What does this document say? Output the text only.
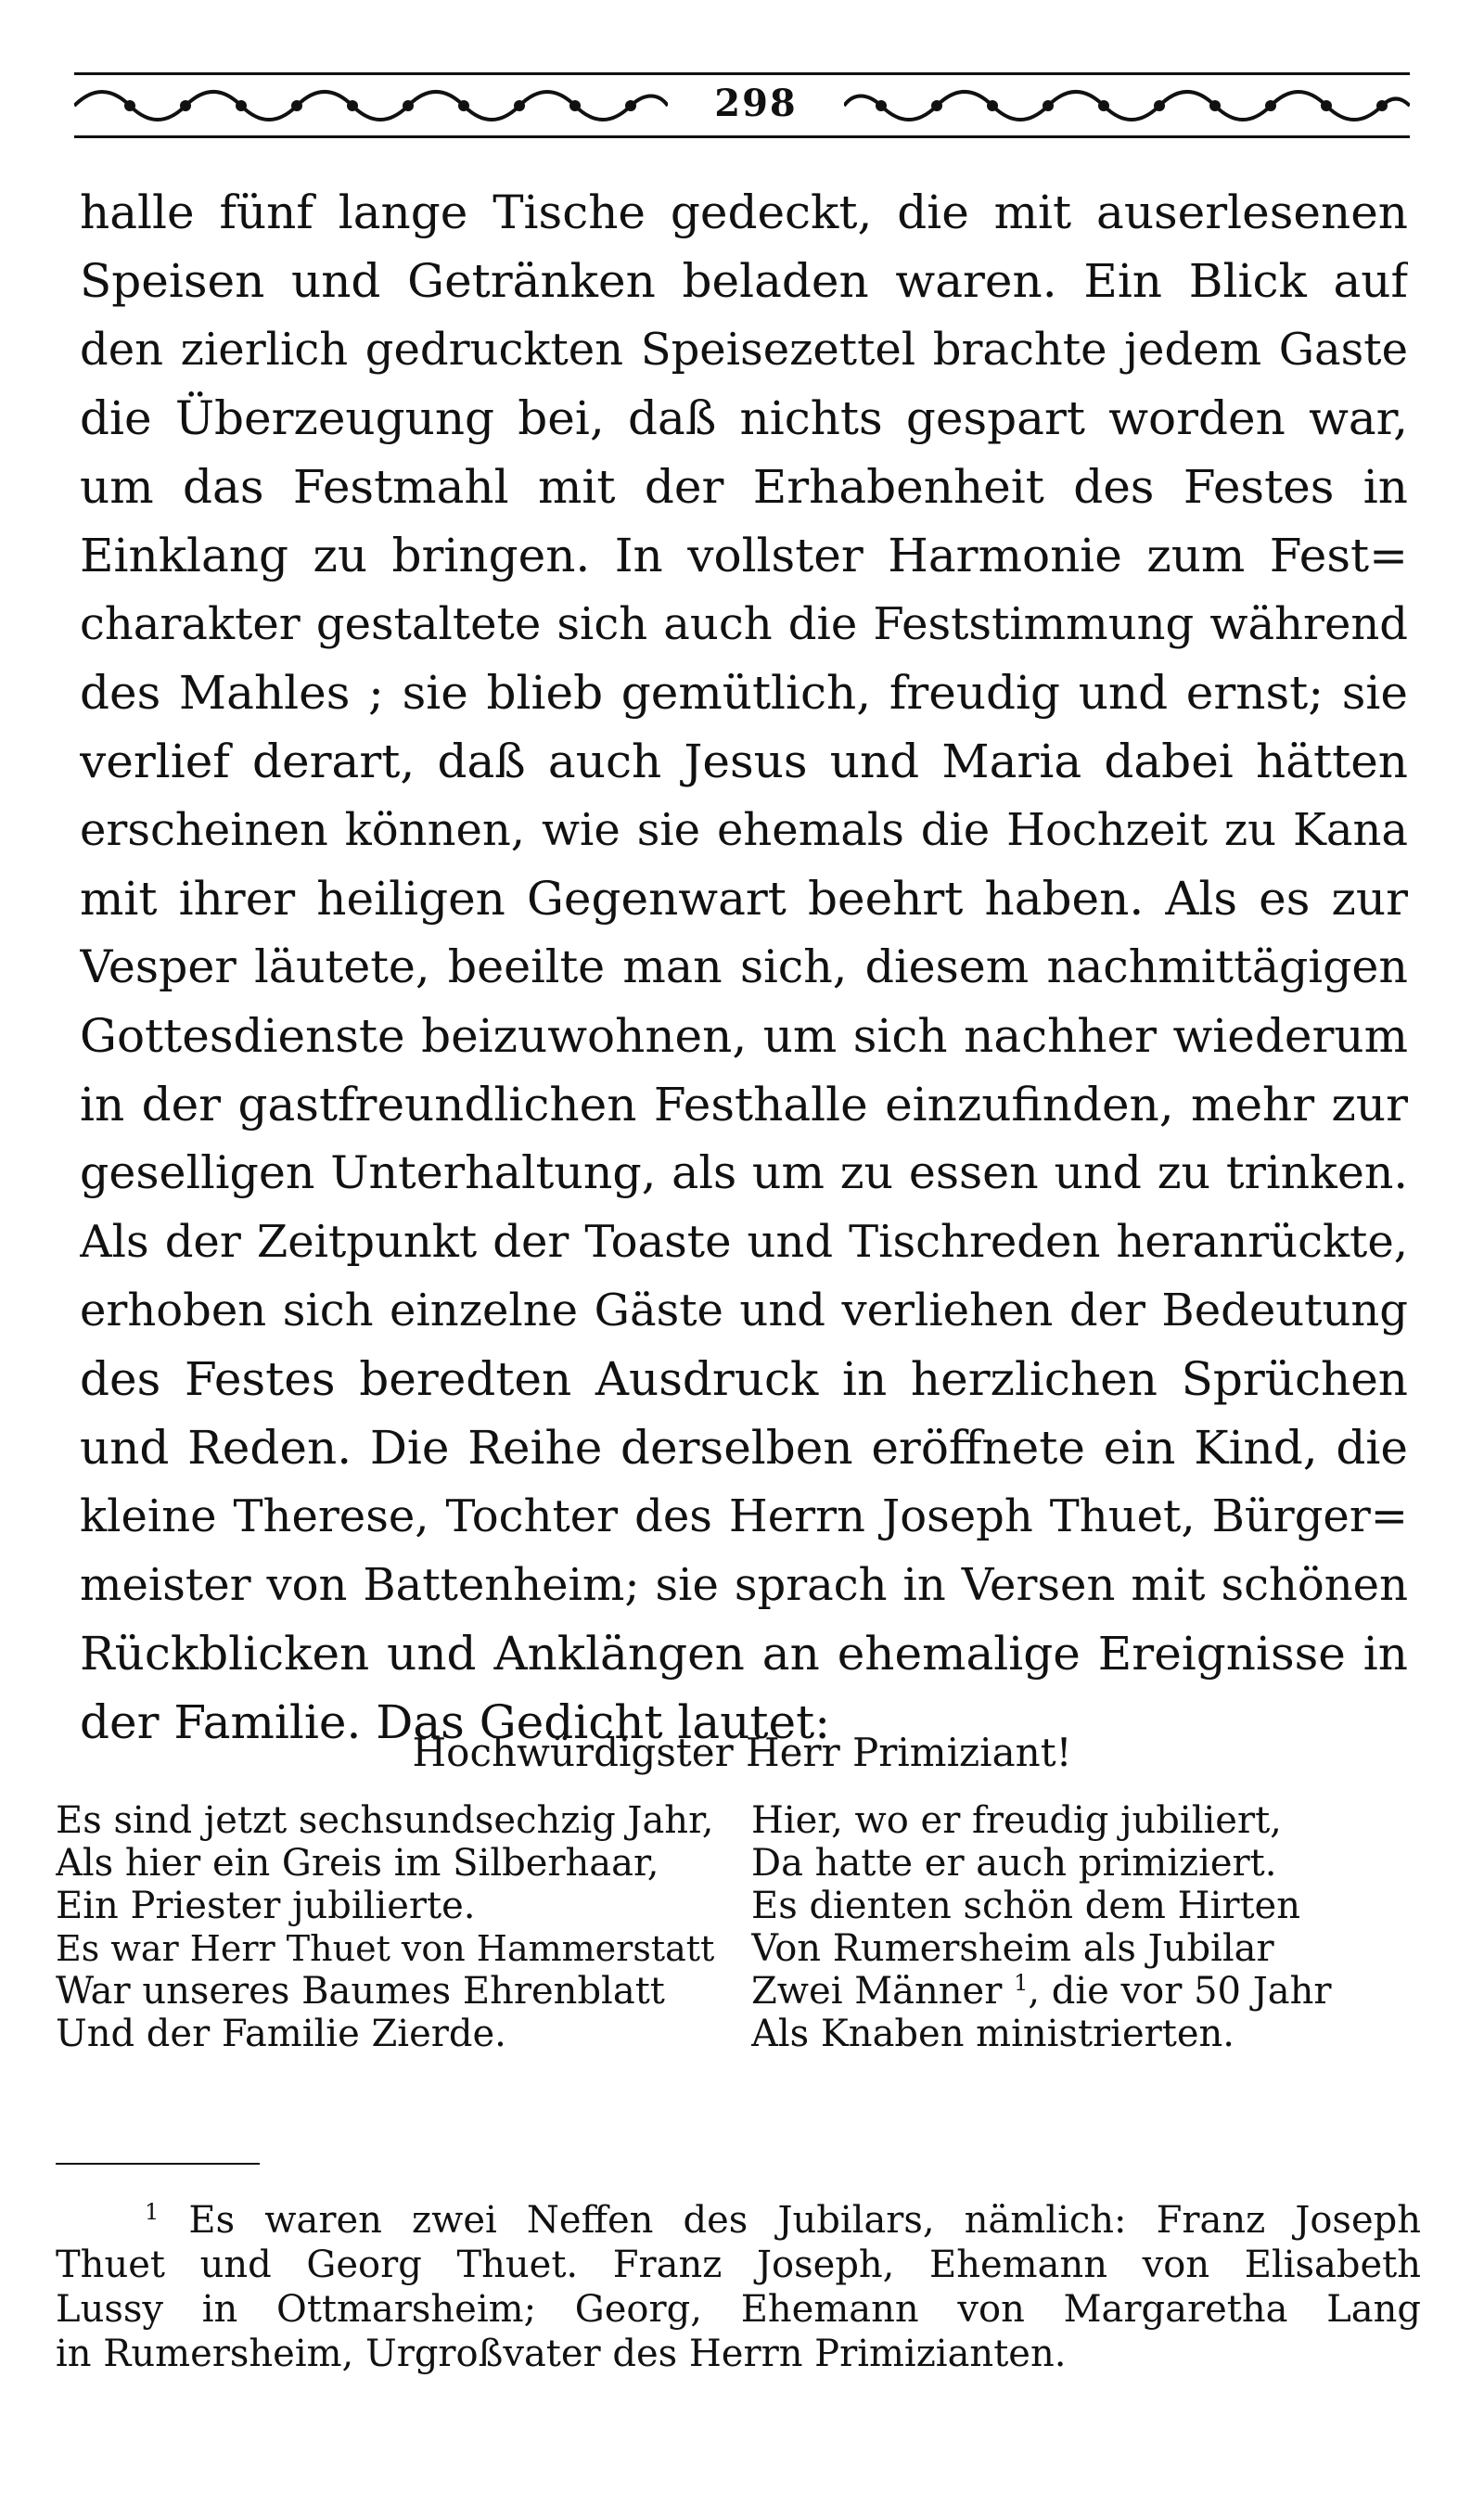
298
halle fünf lange Tische gedeckt, die mit auserlesenen
Speisen und Getränken beladen waren. Ein Blick auf
den zierlich gedruckten Speisezettel brachte jedem Gaste
die Überzeugung bei, daß nichts gespart worden war,
um das Festmahl mit der Erhabenheit des Festes in
Einklang zu bringen. In vollster Harmonie zum Fest=
charakter gestaltete sich auch die Feststimmung während
des Mahles ; sie blieb gemütlich, freudig und ernst; sie
verlief derart, daß auch Jesus und Maria dabei hätten
erscheinen können, wie sie ehemals die Hochzeit zu Kana
mit ihrer heiligen Gegenwart beehrt haben. Als es zur
Vesper läutete, beeilte man sich, diesem nachmittägigen
Gottesdienste beizuwohnen, um sich nachher wiederum
in der gastfreundlichen Festhalle einzufinden, mehr zur
geselligen Unterhaltung, als um zu essen und zu trinken.
Als der Zeitpunkt der Toaste und Tischreden heranrückte,
erhoben sich einzelne Gäste und verliehen der Bedeutung
des Festes beredten Ausdruck in herzlichen Sprüchen
und Reden. Die Reihe derselben eröffnete ein Kind, die
kleine Therese, Tochter des Herrn Joseph Thuet, Bürger=
meister von Battenheim; sie sprach in Versen mit schönen
Rückblicken und Anklängen an ehemalige Ereignisse in
der Familie. Das Gedicht lautet:
Hochwürdigster Herr Primiziant!
Es sind jetzt sechsundsechzig Jahr,
Als hier ein Greis im Silberhaar,
Ein Priester jubilierte.
Es war Herr Thuet von Hammerstatt
War unseres Baumes Ehrenblatt
Und der Familie Zierde.
Hier, wo er freudig jubiliert,
Da hatte er auch primiziert.
Es dienten schön dem Hirten
Von Rumersheim als Jubilar
Zwei Männer $^1$, die vor 50 Jahr
Als Knaben ministrierten.
$^1$ Es waren zwei Neffen des Jubilars, nämlich: Franz Joseph
Thuet und Georg Thuet. Franz Joseph, Ehemann von Elisabeth
Lussy in Ottmarsheim; Georg, Ehemann von Margaretha Lang
in Rumersheim, Urgroßvater des Herrn Primizianten.
